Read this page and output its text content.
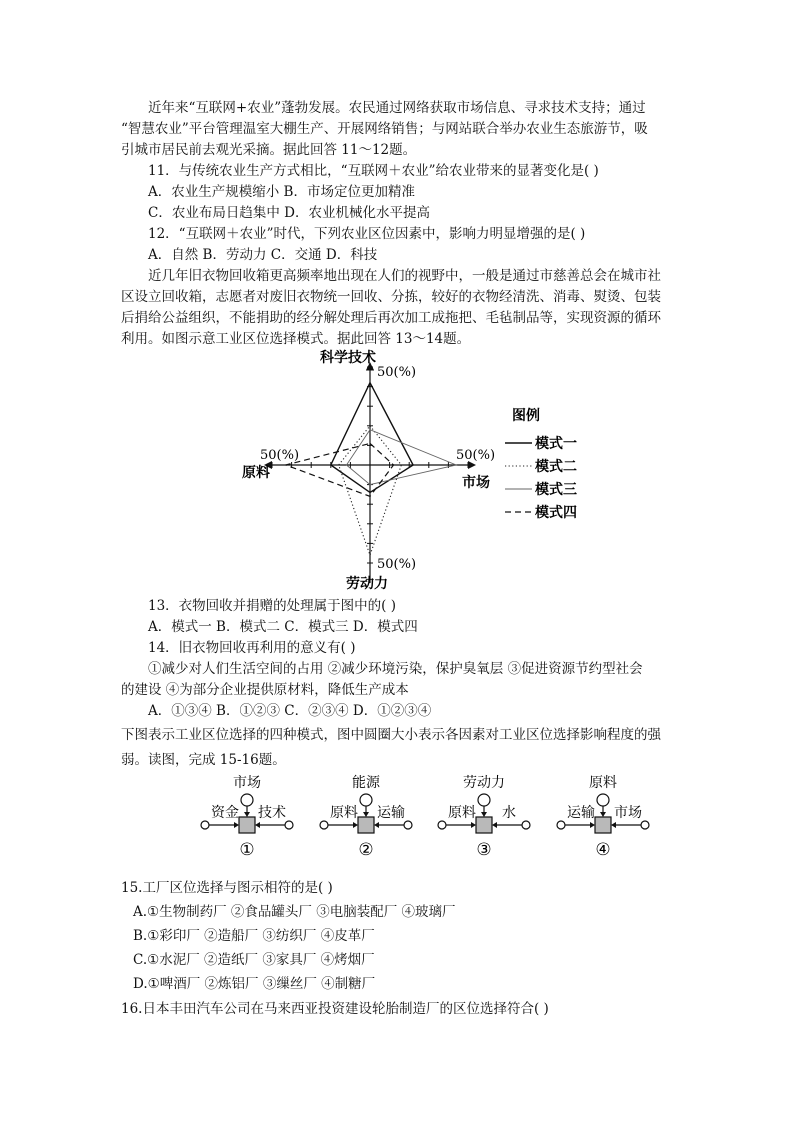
近年来“互联网+农业”蓬勃发展。农民通过网络获取市场信息、寻求技术支持；通过
“智慧农业”平台管理温室大棚生产、开展网络销售；与网站联合举办农业生态旅游节，吸
引城市居民前去观光采摘。据此回答 11～12题。
11．与传统农业生产方式相比，“互联网＋农业”给农业带来的显著变化是( )
A．农业生产规模缩小 B．市场定位更加精准
C．农业布局日趋集中 D．农业机械化水平提高
12．“互联网＋农业”时代，下列农业区位因素中，影响力明显增强的是( )
A．自然 B．劳动力 C．交通 D．科技
近几年旧衣物回收箱更高频率地出现在人们的视野中，一般是通过市慈善总会在城市社
区设立回收箱，志愿者对废旧衣物统一回收、分拣，较好的衣物经清洗、消毒、熨烫、包装
后捐给公益组织，不能捐助的经分解处理后再次加工成拖把、毛毡制品等，实现资源的循环
利用。如图示意工业区位选择模式。据此回答 13～14题。
科学技术
劳动力
原料
市场
50(%)
50(%)	50(%)
50(%)
图例
模式一
模式二
模式三
模式四
13．衣物回收并捐赠的处理属于图中的( )
A．模式一 B．模式二 C．模式三 D．模式四
14．旧衣物回收再利用的意义有( )
①减少对人们生活空间的占用 ②减少环境污染，保护臭氧层 ③促进资源节约型社会
的建设 ④为部分企业提供原材料，降低生产成本
A．①③④ B．①②③ C．②③④ D．①②③④
下图表示工业区位选择的四种模式，图中圆圈大小表示各因素对工业区位选择影响程度的强
弱。读图，完成 15-16题。
市场
资金 技术
①
能源
原料 运输
②
劳动力
原料 水
③
原料
运输 市场
④
15.工厂区位选择与图示相符的是( )
A.①生物制药厂 ②食品罐头厂 ③电脑装配厂 ④玻璃厂
B.①彩印厂 ②造船厂 ③纺织厂 ④皮革厂
C.①水泥厂 ②造纸厂 ③家具厂 ④烤烟厂
D.①啤酒厂 ②炼铝厂 ③缫丝厂 ④制糖厂
16.日本丰田汽车公司在马来西亚投资建设轮胎制造厂的区位选择符合( )
